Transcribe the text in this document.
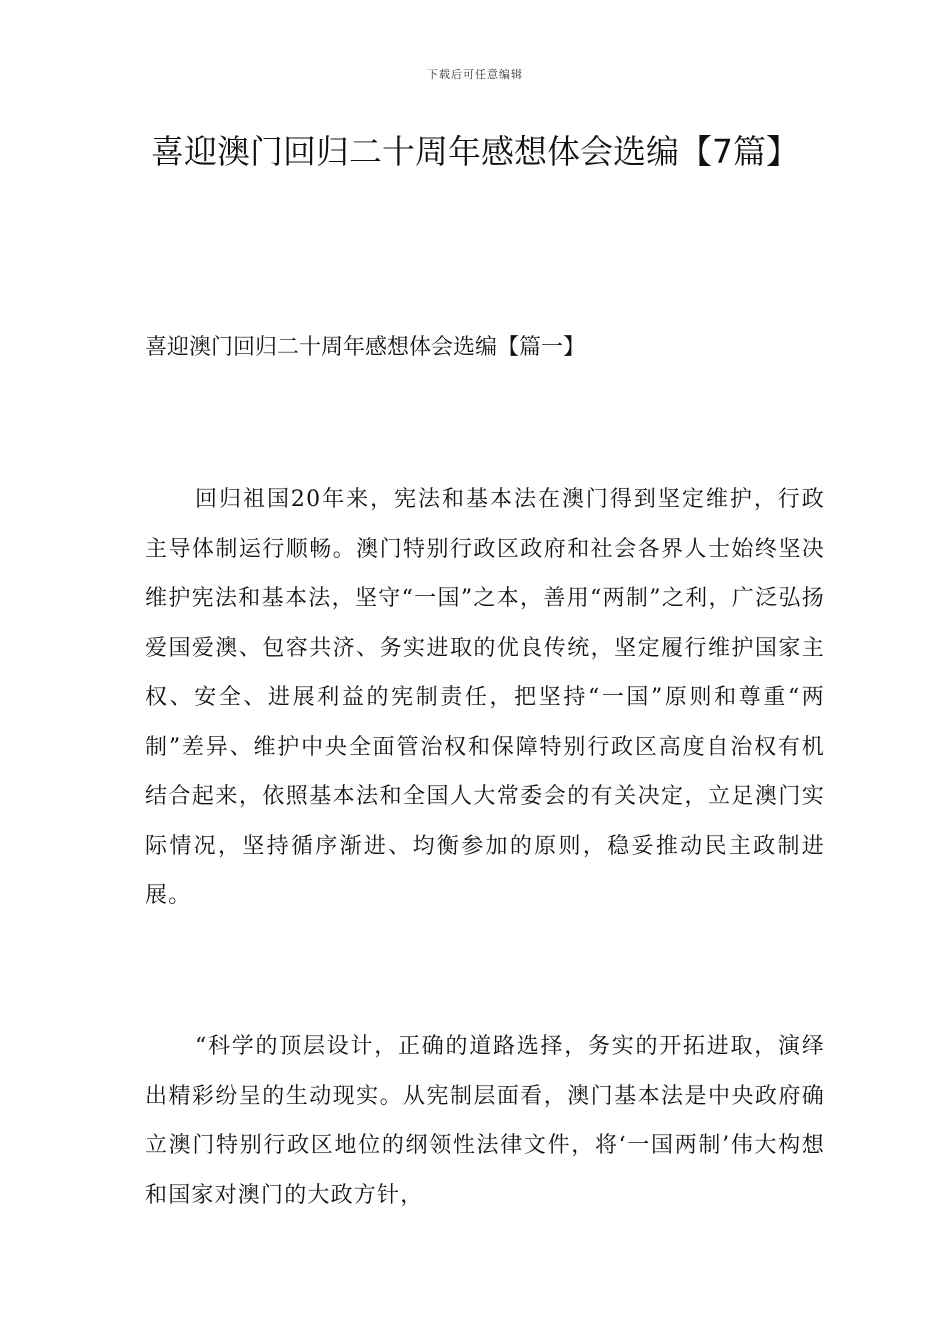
下载后可任意编辑
喜迎澳门回归二十周年感想体会选编【7篇】
喜迎澳门回归二十周年感想体会选编【篇一】

回归祖国20年来，宪法和基本法在澳门得到坚定维护，行政主导体制运行顺畅。澳门特别行政区政府和社会各界人士始终坚决维护宪法和基本法，坚守“一国”之本，善用“两制”之利，广泛弘扬爱国爱澳、包容共济、务实进取的优良传统，坚定履行维护国家主权、安全、进展利益的宪制责任，把坚持“一国”原则和尊重“两制”差异、维护中央全面管治权和保障特别行政区高度自治权有机结合起来，依照基本法和全国人大常委会的有关决定，立足澳门实际情况，坚持循序渐进、均衡参加的原则，稳妥推动民主政制进展。

“科学的顶层设计，正确的道路选择，务实的开拓进取，演绎出精彩纷呈的生动现实。从宪制层面看，澳门基本法是中央政府确立澳门特别行政区地位的纲领性法律文件，将‘一国两制’伟大构想和国家对澳门的大政方针，
